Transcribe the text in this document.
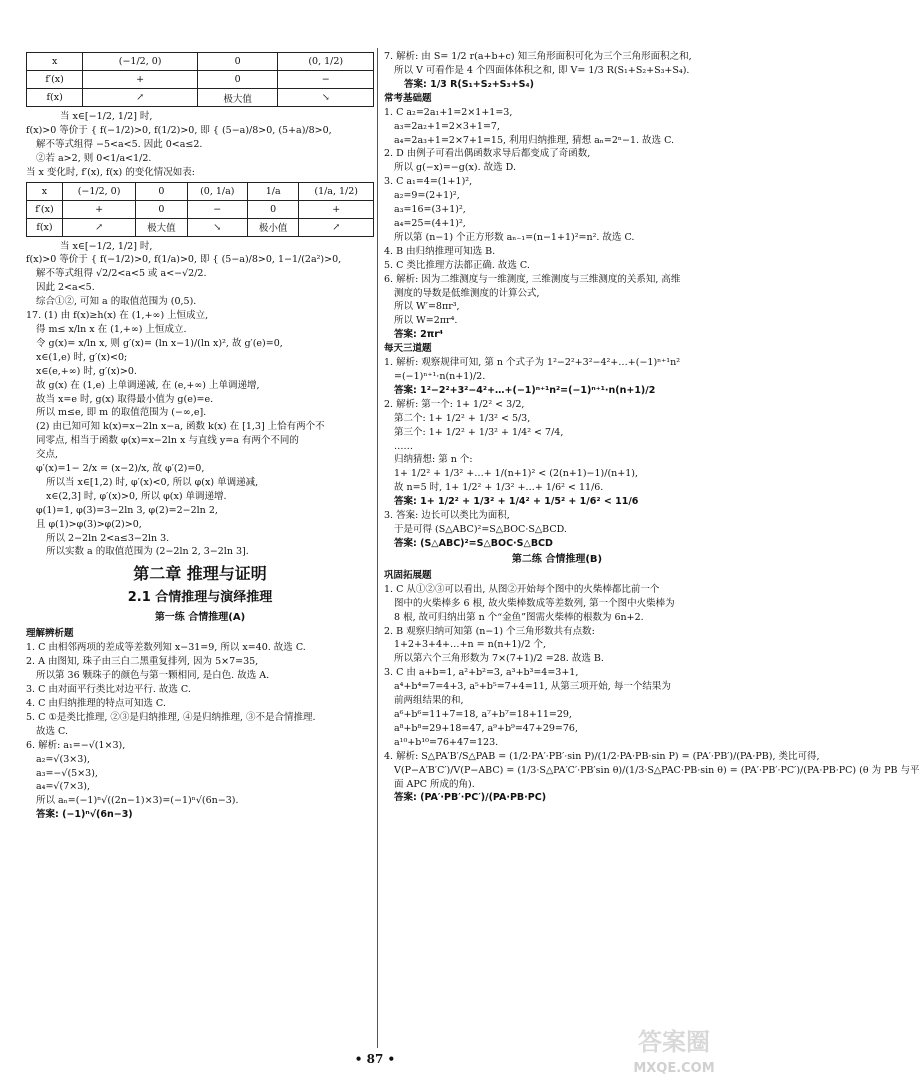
x	(−1/2, 0)	0	(0, 1/2)
f′(x)	+	0	−
f(x)	↗	极大值	↘
当 x∈[−1/2, 1/2] 时,
f(x)>0 等价于 { f(−1/2)>0, f(1/2)>0, 即 { (5−a)/8>0, (5+a)/8>0,
解不等式组得 −5<a<5. 因此 0<a≤2.
②若 a>2, 则 0<1/a<1/2.
当 x 变化时, f′(x), f(x) 的变化情况如表:
x	(−1/2, 0)	0	(0, 1/a)	1/a	(1/a, 1/2)
f′(x)	+	0	−	0	+
f(x)	↗	极大值	↘	极小值	↗
当 x∈[−1/2, 1/2] 时,
f(x)>0 等价于 { f(−1/2)>0, f(1/a)>0, 即 { (5−a)/8>0, 1−1/(2a²)>0,
解不等式组得 √2/2<a<5 或 a<−√2/2.
因此 2<a<5.
综合①②, 可知 a 的取值范围为 (0,5).
17. (1) 由 f(x)≥h(x) 在 (1,+∞) 上恒成立,
得 m≤ x/ln x 在 (1,+∞) 上恒成立.
令 g(x)= x/ln x, 则 g′(x)= (ln x−1)/(ln x)², 故 g′(e)=0,
x∈(1,e) 时, g′(x)<0;
x∈(e,+∞) 时, g′(x)>0.
故 g(x) 在 (1,e) 上单调递减, 在 (e,+∞) 上单调递增,
故当 x=e 时, g(x) 取得最小值为 g(e)=e.
所以 m≤e, 即 m 的取值范围为 (−∞,e].
(2) 由已知可知 k(x)=x−2ln x−a, 函数 k(x) 在 [1,3] 上恰有两个不
同零点, 相当于函数 φ(x)=x−2ln x 与直线 y=a 有两个不同的
交点,
φ′(x)=1− 2/x = (x−2)/x, 故 φ′(2)=0,
所以当 x∈[1,2) 时, φ′(x)<0, 所以 φ(x) 单调递减,
x∈(2,3] 时, φ′(x)>0, 所以 φ(x) 单调递增.
φ(1)=1, φ(3)=3−2ln 3, φ(2)=2−2ln 2,
且 φ(1)>φ(3)>φ(2)>0,
所以 2−2ln 2<a≤3−2ln 3.
所以实数 a 的取值范围为 (2−2ln 2, 3−2ln 3].
第二章 推理与证明
2.1 合情推理与演绎推理
第一练 合情推理(A)
理解辨析题
1. C 由相邻两项的差成等差数列知 x−31=9, 所以 x=40. 故选 C.
2. A 由图知, 珠子由三白二黑重复排列, 因为 5×7=35,
所以第 36 颗珠子的颜色与第一颗相同, 是白色. 故选 A.
3. C 由对面平行类比对边平行. 故选 C.
4. C 由归纳推理的特点可知选 C.
5. C ①是类比推理, ②③是归纳推理, ④是归纳推理, ③不是合情推理.
故选 C.
6. 解析: a₁=−√(1×3),
a₂=√(3×3),
a₃=−√(5×3),
a₄=√(7×3),
所以 aₙ=(−1)ⁿ√((2n−1)×3)=(−1)ⁿ√(6n−3).
答案: (−1)ⁿ√(6n−3)
7. 解析: 由 S= 1/2 r(a+b+c) 知三角形面积可化为三个三角形面积之和,
所以 V 可看作是 4 个四面体体积之和, 即 V= 1/3 R(S₁+S₂+S₃+S₄).
答案: 1/3 R(S₁+S₂+S₃+S₄)
常考基础题
1. C a₂=2a₁+1=2×1+1=3,
a₃=2a₂+1=2×3+1=7,
a₄=2a₃+1=2×7+1=15, 利用归纳推理, 猜想 aₙ=2ⁿ−1. 故选 C.
2. D 由例子可看出偶函数求导后都变成了奇函数,
所以 g(−x)=−g(x). 故选 D.
3. C a₁=4=(1+1)²,
a₂=9=(2+1)²,
a₃=16=(3+1)²,
a₄=25=(4+1)²,
所以第 (n−1) 个正方形数 aₙ₋₁=(n−1+1)²=n². 故选 C.
4. B 由归纳推理可知选 B.
5. C 类比推理方法都正确. 故选 C.
6. 解析: 因为二维测度与一维测度, 三维测度与三维测度的关系知, 高维
测度的导数是低维测度的计算公式,
所以 W′=8πr³,
所以 W=2πr⁴.
答案: 2πr⁴
每天三道题
1. 解析: 观察规律可知, 第 n 个式子为 1²−2²+3²−4²+…+(−1)ⁿ⁺¹n²
=(−1)ⁿ⁺¹·n(n+1)/2.
答案: 1²−2²+3²−4²+…+(−1)ⁿ⁺¹n²=(−1)ⁿ⁺¹·n(n+1)/2
2. 解析: 第一个: 1+ 1/2² < 3/2,
第二个: 1+ 1/2² + 1/3² < 5/3,
第三个: 1+ 1/2² + 1/3² + 1/4² < 7/4,
……
归纳猜想: 第 n 个:
1+ 1/2² + 1/3² +…+ 1/(n+1)² < (2(n+1)−1)/(n+1),
故 n=5 时, 1+ 1/2² + 1/3² +…+ 1/6² < 11/6.
答案: 1+ 1/2² + 1/3² + 1/4² + 1/5² + 1/6² < 11/6
3. 答案: 边长可以类比为面积,
于是可得 (S△ABC)²=S△BOC·S△BCD.
答案: (S△ABC)²=S△BOC·S△BCD
第二练 合情推理(B)
巩固拓展题
1. C 从①②③可以看出, 从图②开始每个图中的火柴棒都比前一个
图中的火柴棒多 6 根, 故火柴棒数成等差数列, 第一个图中火柴棒为
8 根, 故可归纳出第 n 个“金鱼”图需火柴棒的根数为 6n+2.
2. B 观察归纳可知第 (n−1) 个三角形数共有点数:
1+2+3+4+…+n = n(n+1)/2 个,
所以第六个三角形数为 7×(7+1)/2 =28. 故选 B.
3. C 由 a+b=1, a²+b²=3, a³+b³=4=3+1,
a⁴+b⁴=7=4+3, a⁵+b⁵=7+4=11, 从第三项开始, 每一个结果为
前两组结果的和,
a⁶+b⁶=11+7=18, a⁷+b⁷=18+11=29,
a⁸+b⁸=29+18=47, a⁹+b⁹=47+29=76,
a¹⁰+b¹⁰=76+47=123.
4. 解析: S△PA′B′/S△PAB = (1/2·PA′·PB′·sin P)/(1/2·PA·PB·sin P) = (PA′·PB′)/(PA·PB), 类比可得,
V(P−A′B′C′)/V(P−ABC) = (1/3·S△PA′C′·PB′sin θ)/(1/3·S△PAC·PB·sin θ) = (PA′·PB′·PC′)/(PA·PB·PC) (θ 为 PB 与平
面 APC 所成的角).
答案: (PA′·PB′·PC′)/(PA·PB·PC)
• 87 •
答案圈
MXQE.COM
